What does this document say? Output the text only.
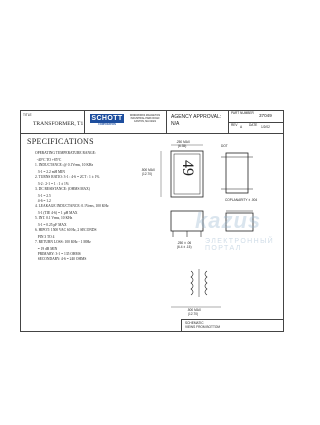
TITLE
TRANSFORMER, T1
SCHOTT
CORPORATION
WINDWORKS MAGNETICS
INDUSTRIAL PARK ROAD
CANTON, MA 02021
AGENCY APPROVAL:
N/A
PART NUMBER 37049
REV A DATE 1/2/02
SPECIFICATIONS
OPERATING TEMPERATURE RANGE:
-40°C TO +85°C
1. INDUCTANCE: @ 0.1Vrms, 10 KHz
3-1 = 2.2 mH MIN
2. TURNS RATIO: 3-1 : 4-6 = 2CT : 1 ± 1%
3-2 : 2-1 = 1 : 1 ± 1%
3. DC RESISTANCE: (OHMS MAX)
3-1 = 2.5
4-6 = 1.2
4. LEAKAGE INDUCTANCE: 0.1Vrms, 100 KHz
3-1 (TIE 4-6) = 1 µH MAX
5. INT. 0.1 Vrms, 10 KHz
3-1 = 0.25 pF MAX
6. HIPOT: 1500 VAC 60 Hz, 2 SECONDS
PIN 3 TO 4
7. RETURN LOSS: 100 KHz - 1 MHz
= 19 dB MIN
PRIMARY: 3-1 = 135 OHMS
SECONDARY: 4-6 = 240 OHMS
.250 MAX
(6.35)
.500 MAX
(12.70) 49
DOT
COPLANARITY ± .004
.250 ± .06
(6.4 ± .15)
.500 MAX
(12.70)
SCHEMATIC
VIEWS FROM BOTTOM
kazus
ЭЛЕКТРОННЫЙ ПОРТАЛ
